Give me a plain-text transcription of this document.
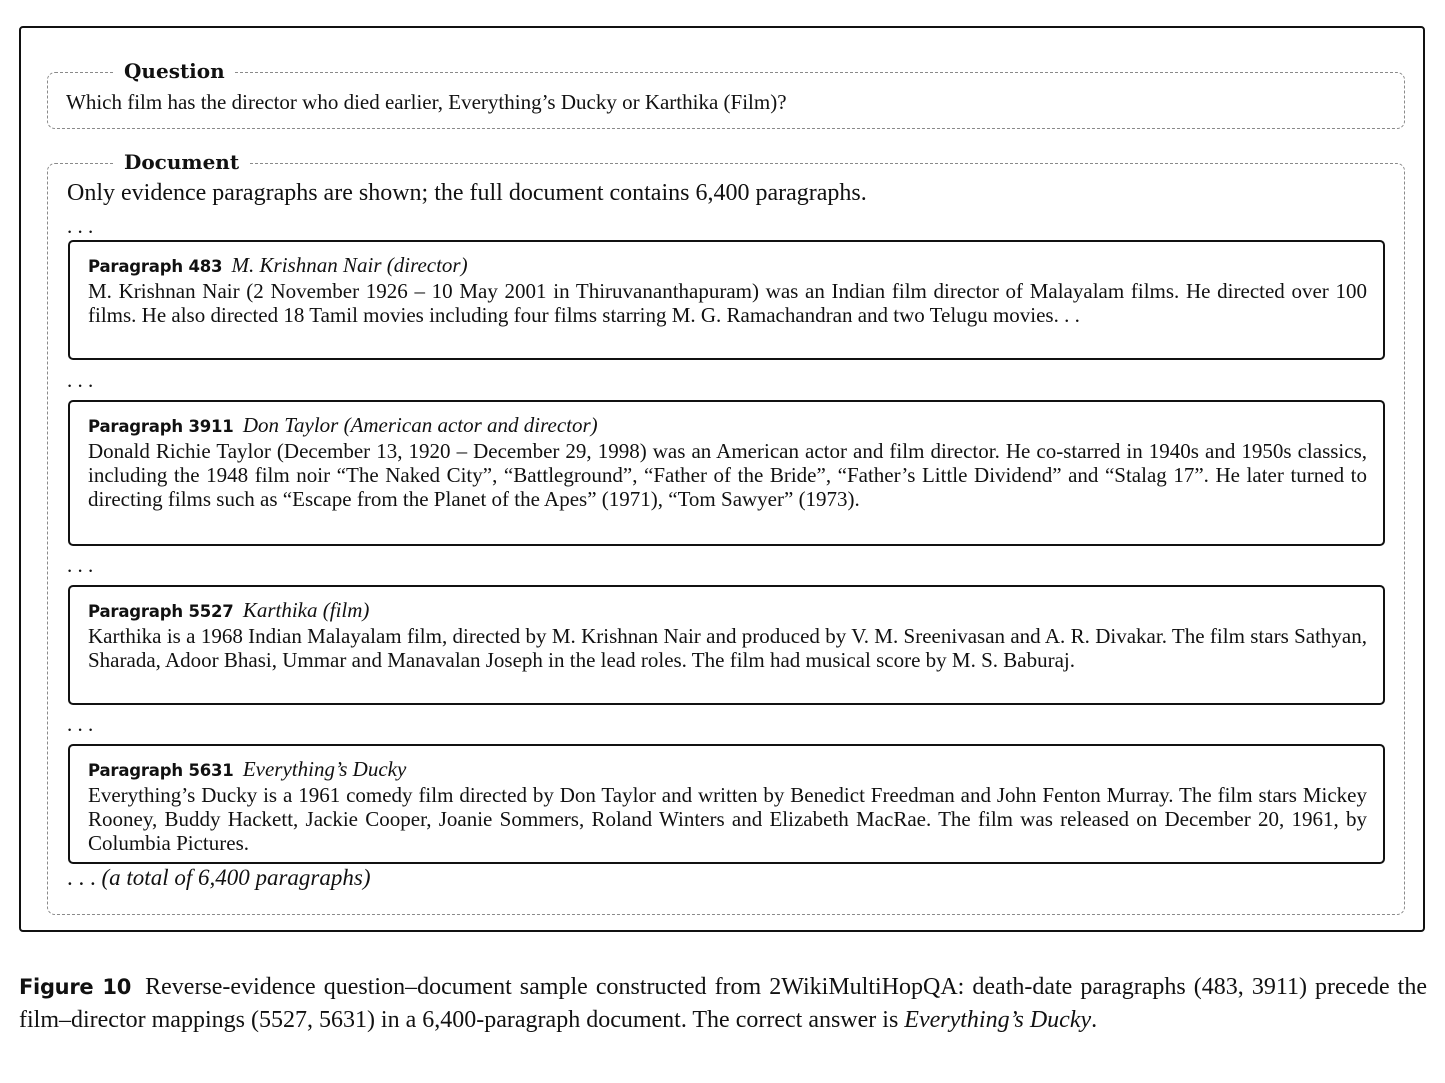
Question
Which film has the director who died earlier, Everything’s Ducky or Karthika (Film)?
Document
Only evidence paragraphs are shown; the full document contains 6,400 paragraphs.
. . .
Paragraph 483 M. Krishnan Nair (director)
M. Krishnan Nair (2 November 1926 – 10 May 2001 in Thiruvananthapuram) was an Indian film director of Malayalam films. He directed over 100 films. He also directed 18 Tamil movies including four films starring M. G. Ramachandran and two Telugu movies. . .
. . .
Paragraph 3911 Don Taylor (American actor and director)
Donald Richie Taylor (December 13, 1920 – December 29, 1998) was an American actor and film director. He co-starred in 1940s and 1950s classics, including the 1948 film noir “The Naked City”, “Battleground”, “Father of the Bride”, “Father’s Little Dividend” and “Stalag 17”. He later turned to directing films such as “Escape from the Planet of the Apes” (1971), “Tom Sawyer” (1973).
. . .
Paragraph 5527 Karthika (film)
Karthika is a 1968 Indian Malayalam film, directed by M. Krishnan Nair and produced by V. M. Sreenivasan and A. R. Divakar. The film stars Sathyan, Sharada, Adoor Bhasi, Ummar and Manavalan Joseph in the lead roles. The film had musical score by M. S. Baburaj.
. . .
Paragraph 5631 Everything’s Ducky
Everything’s Ducky is a 1961 comedy film directed by Don Taylor and written by Benedict Freedman and John Fenton Murray. The film stars Mickey Rooney, Buddy Hackett, Jackie Cooper, Joanie Sommers, Roland Winters and Elizabeth MacRae. The film was released on December 20, 1961, by Columbia Pictures.
. . . (a total of 6,400 paragraphs)
Figure 10 Reverse-evidence question–document sample constructed from 2WikiMultiHopQA: death-date paragraphs (483, 3911) precede the film–director mappings (5527, 5631) in a 6,400-paragraph document. The correct answer is Everything’s Ducky.
